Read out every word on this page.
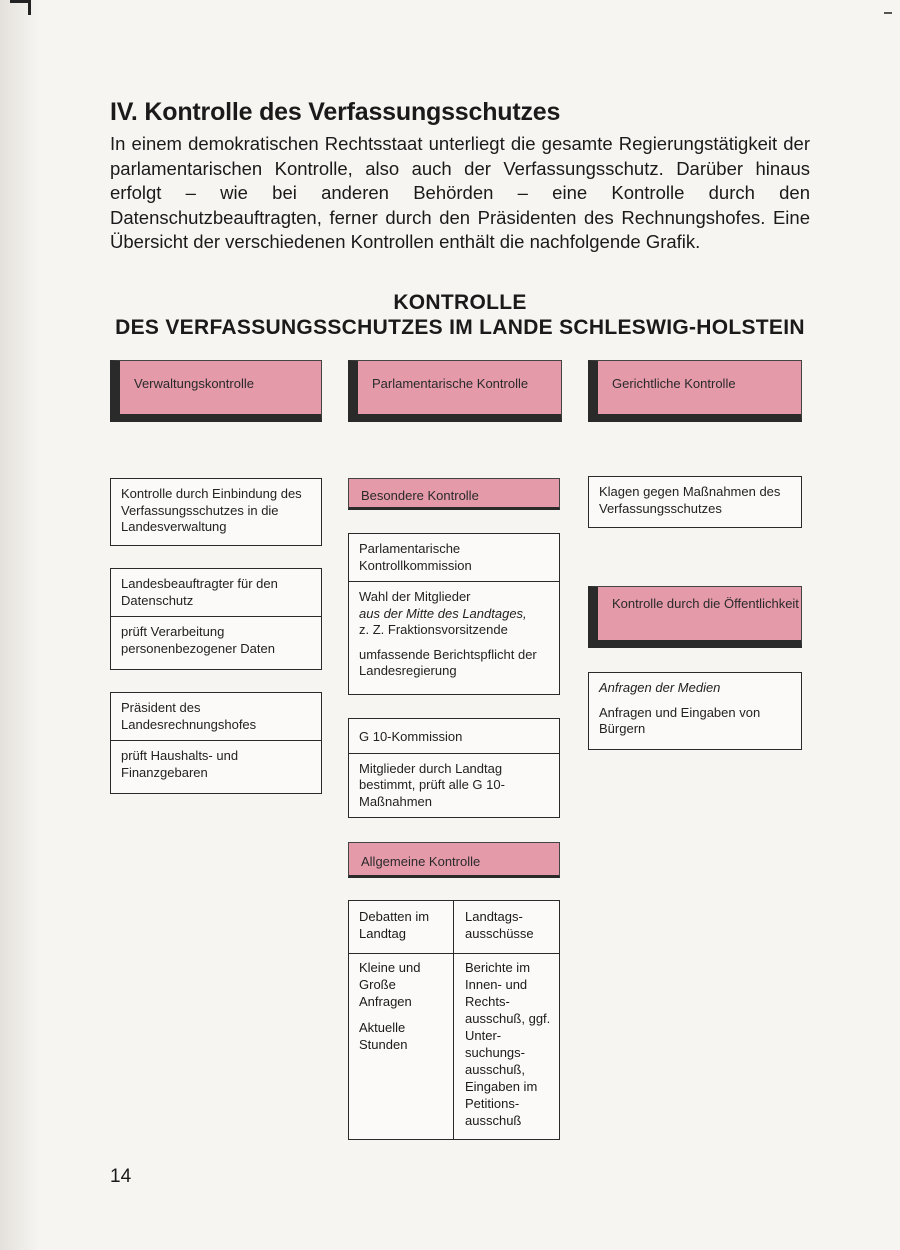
IV. Kontrolle des Verfassungsschutzes

In einem demokratischen Rechtsstaat unterliegt die gesamte Regierungstätigkeit der parlamentarischen Kontrolle, also auch der Verfassungsschutz. Darüber hinaus erfolgt – wie bei anderen Behörden – eine Kontrolle durch den Datenschutzbeauftragten, ferner durch den Präsidenten des Rechnungshofes. Eine Übersicht der verschiedenen Kontrollen enthält die nachfolgende Grafik.

KONTROLLE
DES VERFASSUNGSSCHUTZES IM LANDE SCHLESWIG-HOLSTEIN
Verwaltungskontrolle	Parlamentarische Kontrolle	Gerichtliche Kontrolle
Kontrolle durch Einbindung des Verfassungsschutzes in die Landesverwaltung
Landesbeauftragter für den Datenschutz
prüft Verarbeitung personenbezogener Daten
Präsident des Landesrechnungshofes
prüft Haushalts- und Finanzgebaren
Besondere Kontrolle
Parlamentarische Kontrollkommission
Wahl der Mitglieder
aus der Mitte des Landtages,
z. Z. Fraktionsvorsitzende
umfassende Berichtspflicht der Landesregierung
G 10-Kommission
Mitglieder durch Landtag bestimmt, prüft alle G 10-Maßnahmen
Allgemeine Kontrolle
Debatten im Landtag
Landtags-ausschüsse
Kleine und Große Anfragen
Aktuelle Stunden
Berichte im Innen- und Rechts-ausschuß, ggf. Unter-suchungs-ausschuß, Eingaben im Petitions-ausschuß
Klagen gegen Maßnahmen des Verfassungsschutzes
Kontrolle durch die Öffentlichkeit
Anfragen der Medien
Anfragen und Eingaben von Bürgern
14
